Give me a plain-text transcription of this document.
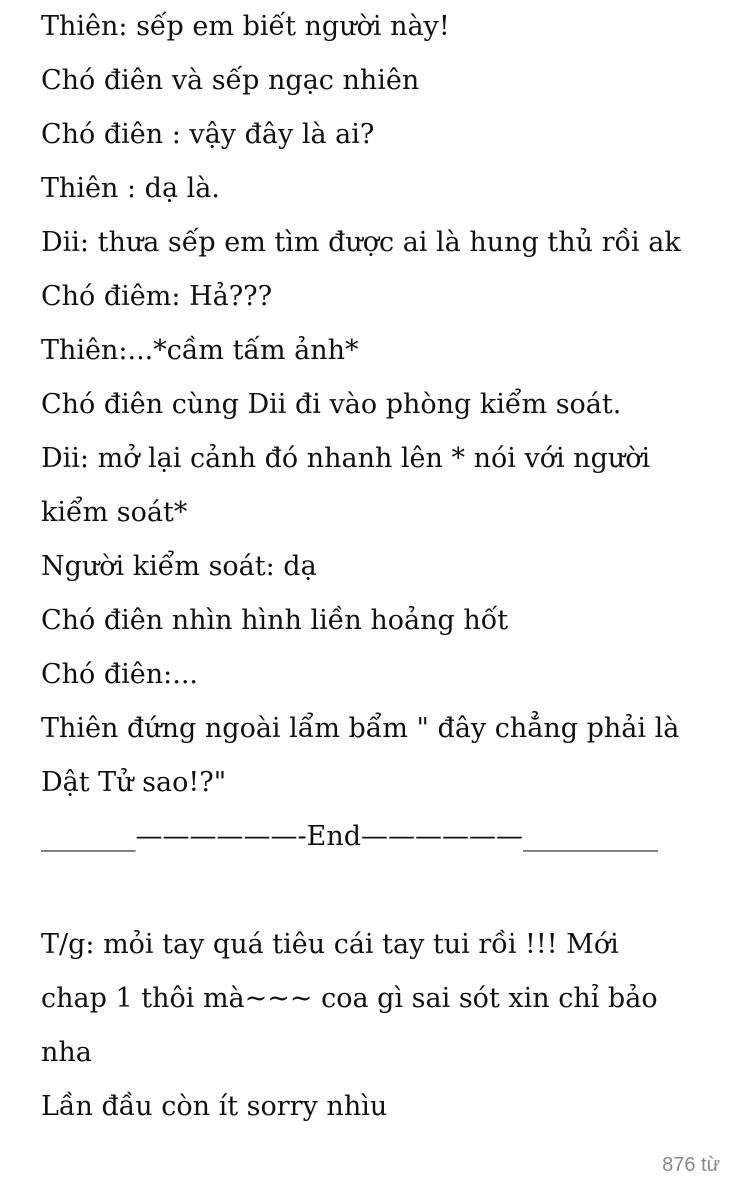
Thiên: sếp em biết người này!
Chó điên và sếp ngạc nhiên
Chó điên : vậy đây là ai?
Thiên : dạ là.
Dii: thưa sếp em tìm được ai là hung thủ rồi ak
Chó điêm: Hả???
Thiên:...*cầm tấm ảnh*
Chó điên cùng Dii đi vào phòng kiểm soát.
Dii: mở lại cảnh đó nhanh lên * nói với người
kiểm soát*
Người kiểm soát: dạ
Chó điên nhìn hình liền hoảng hốt
Chó điên:...
Thiên đứng ngoài lẩm bẩm " đây chẳng phải là
Dật Tử sao!?"
_______——————-End——————__________
T/g: mỏi tay quá tiêu cái tay tui rồi !!! Mới
chap 1 thôi mà~~~ coa gì sai sót xin chỉ bảo
nha
Lần đầu còn ít sorry nhìu
876 từ
